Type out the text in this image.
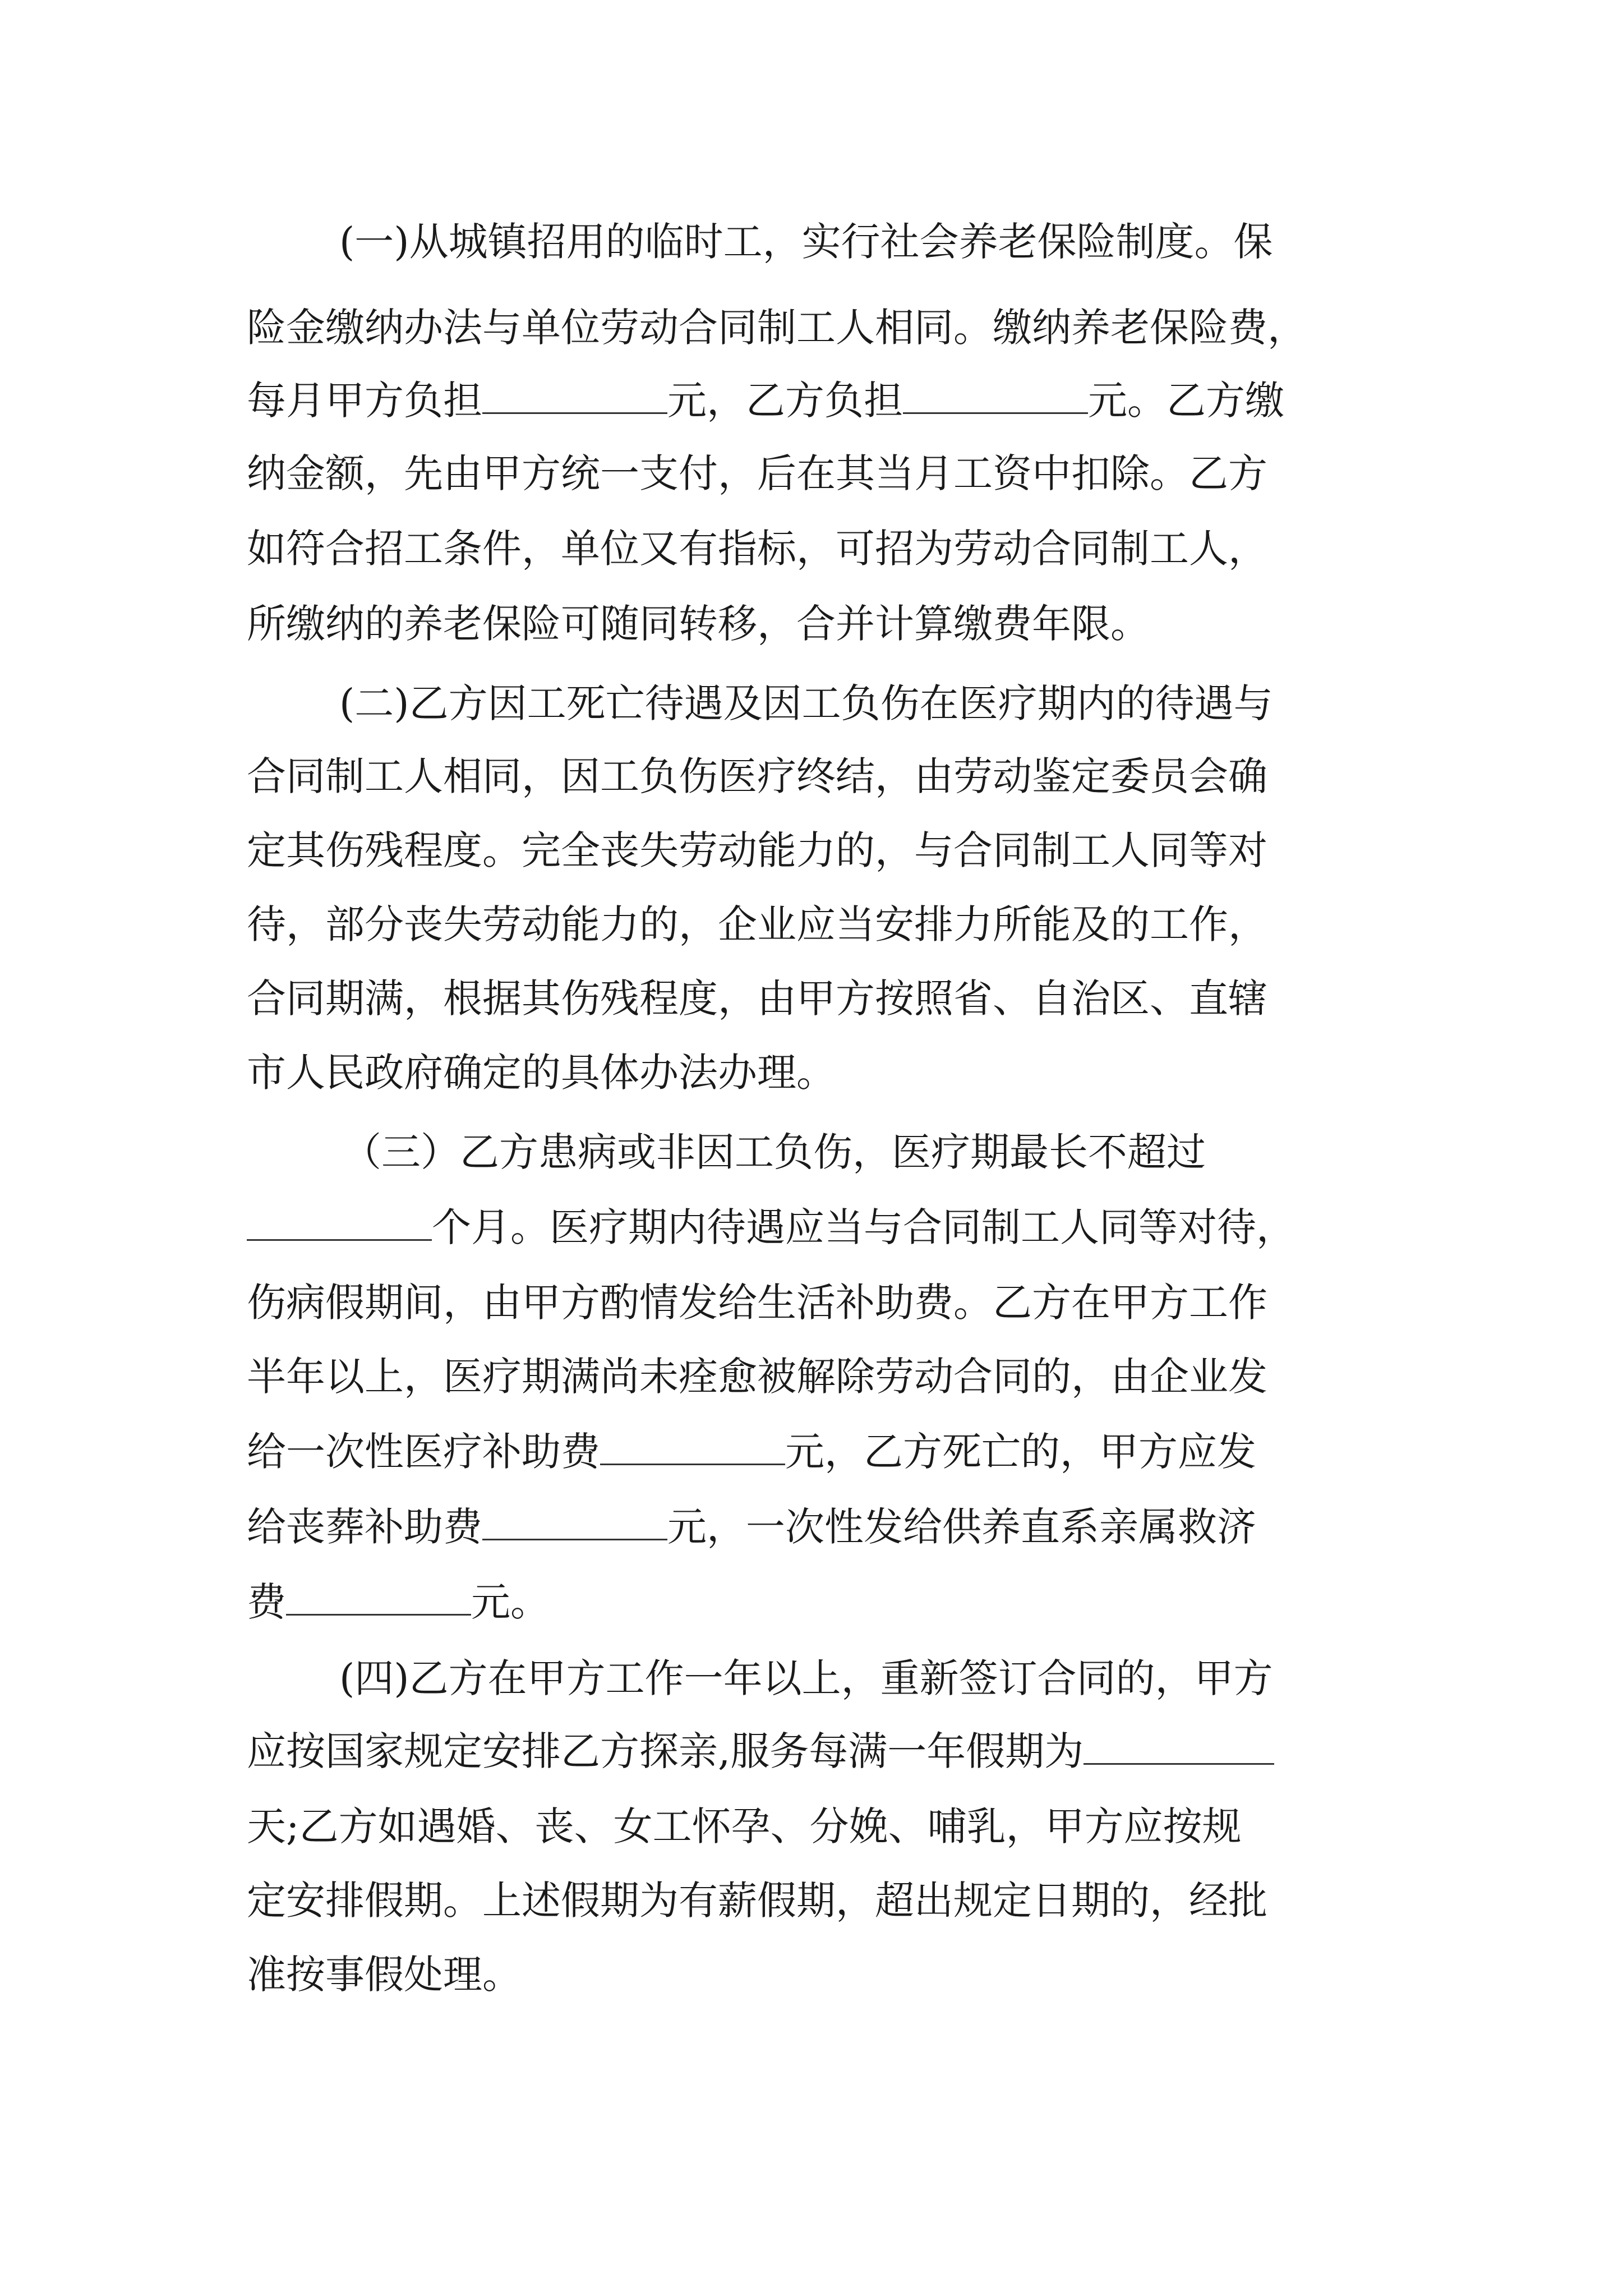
(一)从城镇招用的临时工，实行社会养老保险制度。保
险金缴纳办法与单位劳动合同制工人相同。缴纳养老保险费，
每月甲方负担	元，乙方负担	元。乙方缴
纳金额，先由甲方统一支付，后在其当月工资中扣除。乙方
如符合招工条件，单位又有指标，可招为劳动合同制工人，
所缴纳的养老保险可随同转移，合并计算缴费年限。
(二)乙方因工死亡待遇及因工负伤在医疗期内的待遇与
合同制工人相同，因工负伤医疗终结，由劳动鉴定委员会确
定其伤残程度。完全丧失劳动能力的，与合同制工人同等对
待，部分丧失劳动能力的，企业应当安排力所能及的工作，
合同期满，根据其伤残程度，由甲方按照省、自治区、直辖
市人民政府确定的具体办法办理。
（三）乙方患病或非因工负伤，医疗期最长不超过
个月。医疗期内待遇应当与合同制工人同等对待，
伤病假期间，由甲方酌情发给生活补助费。乙方在甲方工作
半年以上，医疗期满尚未痊愈被解除劳动合同的，由企业发
给一次性医疗补助费	元，乙方死亡的，甲方应发
给丧葬补助费	元，一次性发给供养直系亲属救济
费	元。
(四)乙方在甲方工作一年以上，重新签订合同的，甲方
应按国家规定安排乙方探亲,服务每满一年假期为
天;乙方如遇婚、丧、女工怀孕、分娩、哺乳，甲方应按规
定安排假期。上述假期为有薪假期，超出规定日期的，经批
准按事假处理。
